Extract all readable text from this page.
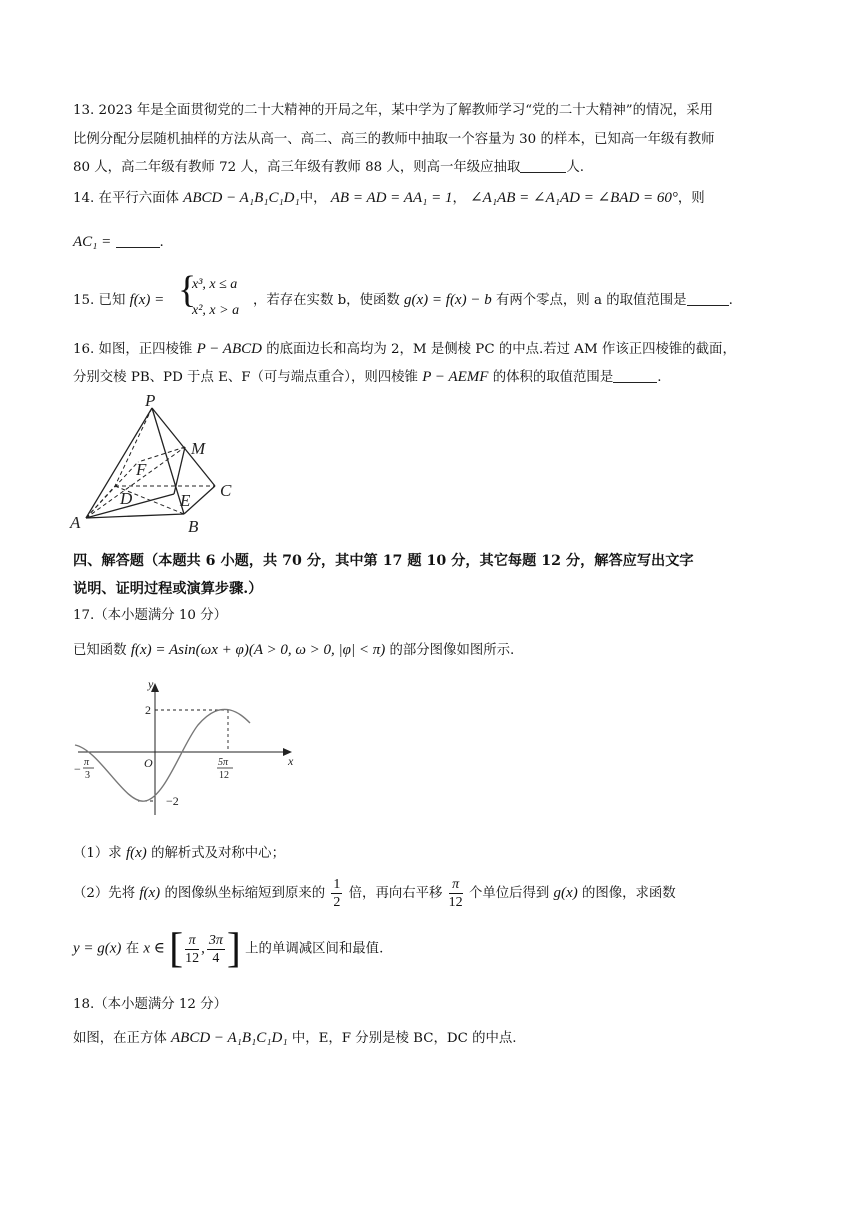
13. 2023 年是全面贯彻党的二十大精神的开局之年，某中学为了解教师学习“党的二十大精神”的情况，采用
比例分配分层随机抽样的方法从高一、高二、高三的教师中抽取一个容量为 30 的样本，已知高一年级有教师
80 人，高二年级有教师 72 人，高三年级有教师 88 人，则高一年级应抽取	人.
14. 在平行六面体 ABCD − A₁B₁C₁D₁中， AB = AD = AA₁ = 1， ∠A₁AB = ∠A₁AD = ∠BAD = 60°，则
AC₁ =	.
15. 已知 f(x) = {
x³, x ≤ a
x², x > a
，若存在实数 b，使函数 g(x) = f(x) − b 有两个零点，则 a 的取值范围是	.
16. 如图，正四棱锥 P − ABCD 的底面边长和高均为 2，M 是侧棱 PC 的中点.若过 AM 作该正四棱锥的截面，
分别交棱 PB、PD 于点 E、F（可与端点重合），则四棱锥 P − AEMF 的体积的取值范围是	.
P
M
F
D	C
E
A	B
四、解答题（本题共 6 小题，共 70 分，其中第 17 题 10 分，其它每题 12 分，解答应写出文字
说明、证明过程或演算步骤.）
17.（本小题满分 10 分）
已知函数 f(x) = Asin(ωx + φ)(A > 0, ω > 0, |φ| < π) 的部分图像如图所示.
y
x
O
2
−2
− π
3
5π
12
（1）求 f(x) 的解析式及对称中心；
（2）先将 f(x) 的图像纵坐标缩短到原来的 $\frac{1}{2}$ 倍，再向右平移 $\frac{\pi}{12}$ 个单位后得到 g(x) 的图像，求函数
y = g(x) 在 x ∈ [ $\frac{\pi}{12}$ , $\frac{3\pi}{4}$ ] 上的单调减区间和最值.
18.（本小题满分 12 分）
如图，在正方体 ABCD − A₁B₁C₁D₁ 中，E，F 分别是棱 BC，DC 的中点.
